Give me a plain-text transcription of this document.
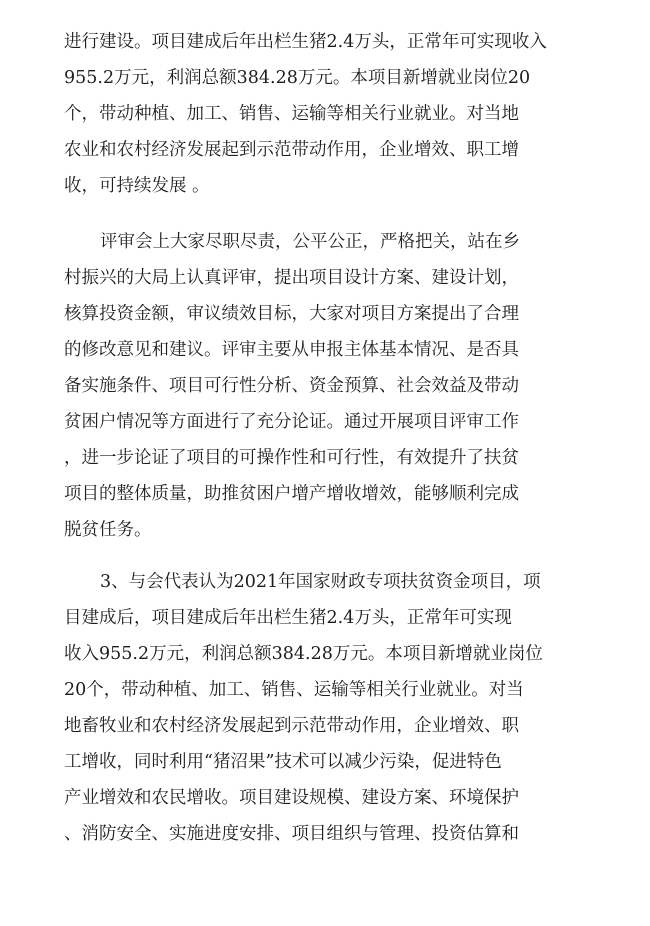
进行建设。项目建成后年出栏生猪2.4万头，正常年可实现收入
955.2万元，利润总额384.28万元。本项目新增就业岗位20
个，带动种植、加工、销售、运输等相关行业就业。对当地
农业和农村经济发展起到示范带动作用，企业增效、职工增
收，可持续发展 。
评审会上大家尽职尽责，公平公正，严格把关，站在乡
村振兴的大局上认真评审，提出项目设计方案、建设计划，
核算投资金额，审议绩效目标，大家对项目方案提出了合理
的修改意见和建议。评审主要从申报主体基本情况、是否具
备实施条件、项目可行性分析、资金预算、社会效益及带动
贫困户情况等方面进行了充分论证。通过开展项目评审工作
，进一步论证了项目的可操作性和可行性，有效提升了扶贫
项目的整体质量，助推贫困户增产增收增效，能够顺利完成
脱贫任务。
3、与会代表认为2021年国家财政专项扶贫资金项目，项
目建成后，项目建成后年出栏生猪2.4万头，正常年可实现
收入955.2万元，利润总额384.28万元。本项目新增就业岗位
20个，带动种植、加工、销售、运输等相关行业就业。对当
地畜牧业和农村经济发展起到示范带动作用，企业增效、职
工增收，同时利用“猪沼果”技术可以减少污染，促进特色
产业增效和农民增收。项目建设规模、建设方案、环境保护
、消防安全、实施进度安排、项目组织与管理、投资估算和
